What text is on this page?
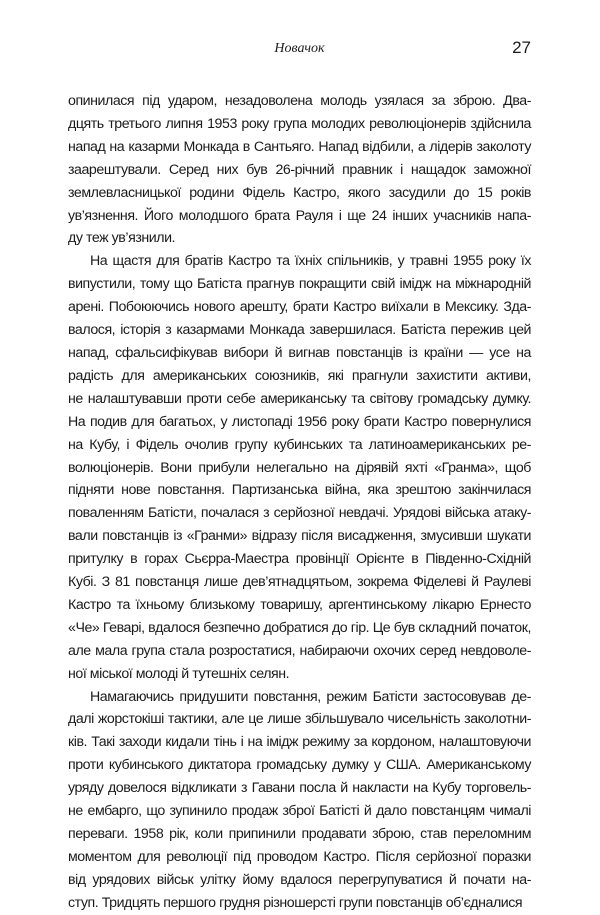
Новачок	27

опинилася під ударом, незадоволена молодь узялася за зброю. Два-
дцять третього липня 1953 року група молодих революціонерів здійснила
напад на казарми Монкада в Сантьяго. Напад відбили, а лідерів заколоту
заарештували. Серед них був 26-річний правник і нащадок заможної
землевласницької родини Фідель Кастро, якого засудили до 15 років
ув’язнення. Його молодшого брата Рауля і ще 24 інших учасників напа-
ду теж ув’язнили.

На щастя для братів Кастро та їхніх спільників, у травні 1955 року їх
випустили, тому що Батіста прагнув покращити свій імідж на міжнародній
арені. Побоюючись нового арешту, брати Кастро виїхали в Мексику. Зда-
валося, історія з казармами Монкада завершилася. Батіста пережив цей
напад, сфальсифікував вибори й вигнав повстанців із країни — усе на
радість для американських союзників, які прагнули захистити активи,
не налаштувавши проти себе американську та світову громадську думку.
На подив для багатьох, у листопаді 1956 року брати Кастро повернулися
на Кубу, і Фідель очолив групу кубинських та латиноамериканських ре-
волюціонерів. Вони прибули нелегально на дірявій яхті «Гранма», щоб
підняти нове повстання. Партизанська війна, яка зрештою закінчилася
поваленням Батісти, почалася з серйозної невдачі. Урядові війська атаку-
вали повстанців із «Гранми» відразу після висадження, змусивши шукати
притулку в горах Сьєрра-Маестра провінції Орієнте в Південно-Східній
Кубі. З 81 повстанця лише дев’ятнадцятьом, зокрема Фіделеві й Раулеві
Кастро та їхньому близькому товаришу, аргентинському лікарю Ернесто
«Че» Геварі, вдалося безпечно добратися до гір. Це був складний початок,
але мала група стала розростатися, набираючи охочих серед невдоволе-
ної міської молоді й тутешніх селян.

Намагаючись придушити повстання, режим Батісти застосовував де-
далі жорстокіші тактики, але це лише збільшувало чисельність заколотни-
ків. Такі заходи кидали тінь і на імідж режиму за кордоном, налаштовуючи
проти кубинського диктатора громадську думку у США. Американському
уряду довелося відкликати з Гавани посла й накласти на Кубу торговель-
не ембарго, що зупинило продаж зброї Батісті й дало повстанцям чималі
переваги. 1958 рік, коли припинили продавати зброю, став переломним
моментом для революції під проводом Кастро. Після серйозної поразки
від урядових військ улітку йому вдалося перегрупуватися й почати на-
ступ. Тридцять першого грудня різношерсті групи повстанців об’єдналися
